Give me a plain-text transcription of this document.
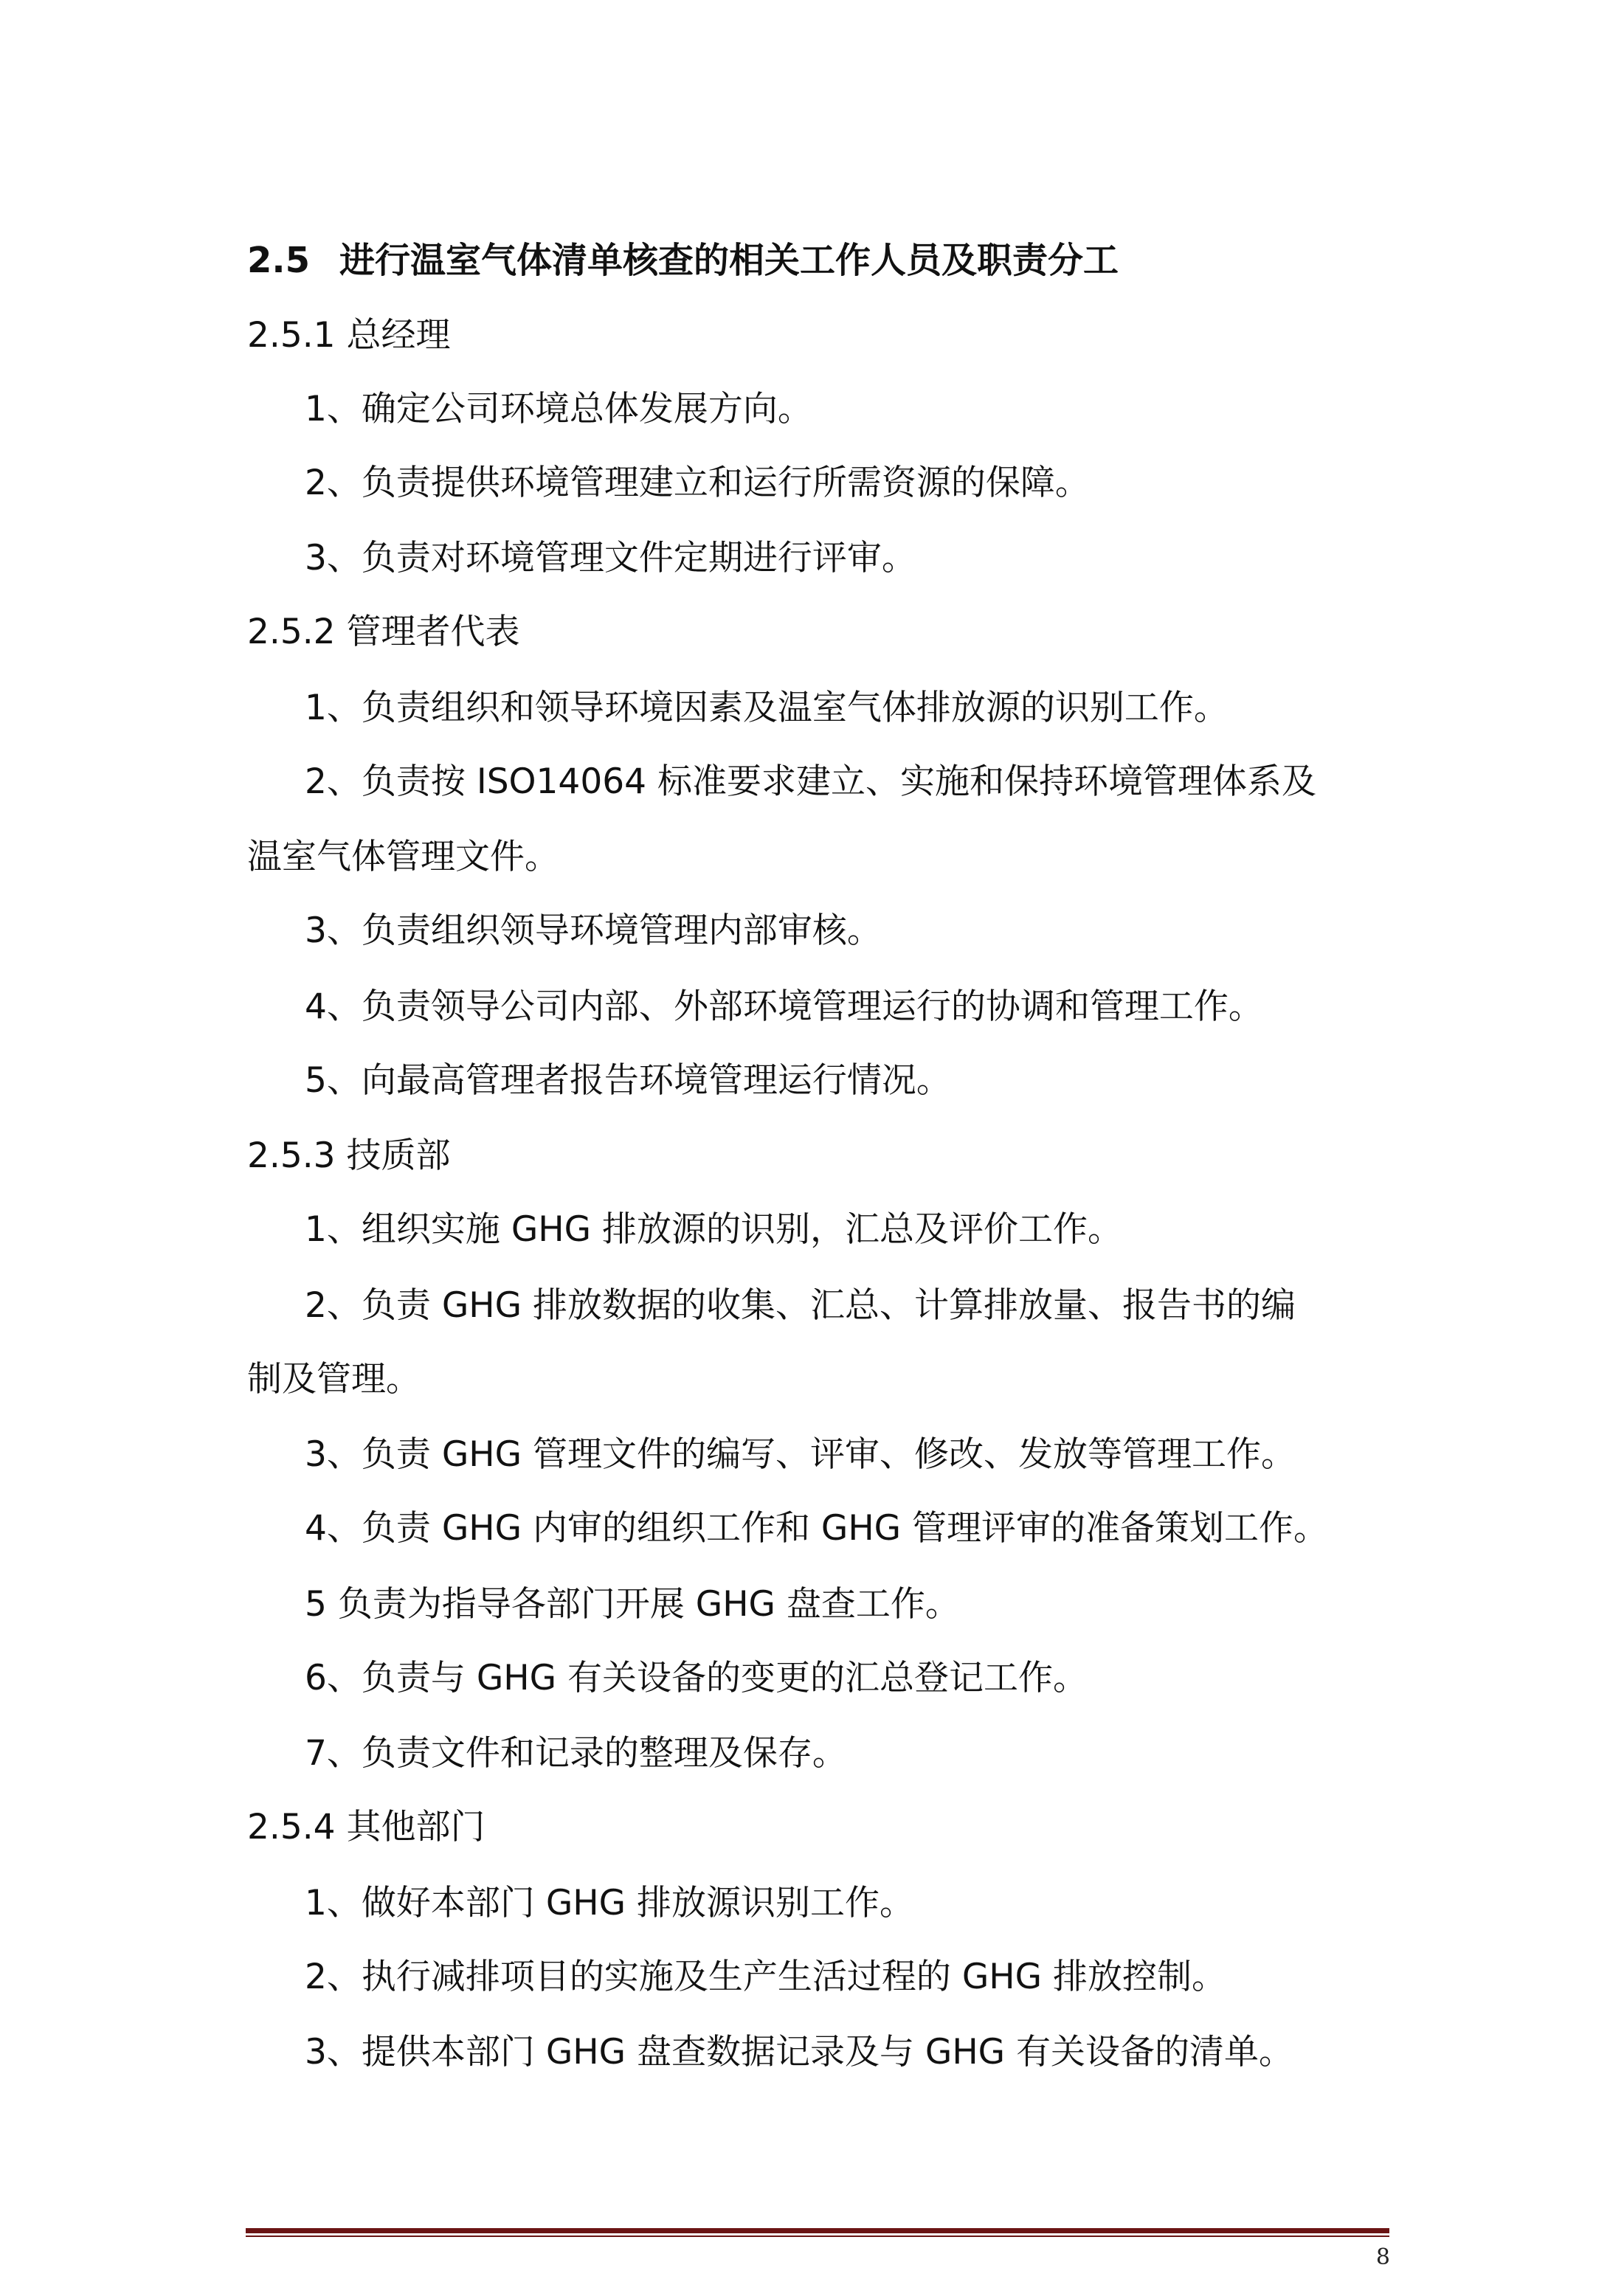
2.5 进行温室气体清单核查的相关工作人员及职责分工
2.5.1 总经理
1、确定公司环境总体发展方向。
2、负责提供环境管理建立和运行所需资源的保障。
3、负责对环境管理文件定期进行评审。
2.5.2 管理者代表
1、负责组织和领导环境因素及温室气体排放源的识别工作。
2、负责按 ISO14064 标准要求建立、实施和保持环境管理体系及
温室气体管理文件。
3、负责组织领导环境管理内部审核。
4、负责领导公司内部、外部环境管理运行的协调和管理工作。
5、向最高管理者报告环境管理运行情况。
2.5.3 技质部
1、组织实施 GHG 排放源的识别，汇总及评价工作。
2、负责 GHG 排放数据的收集、汇总、计算排放量、报告书的编
制及管理。
3、负责 GHG 管理文件的编写、评审、修改、发放等管理工作。
4、负责 GHG 内审的组织工作和 GHG 管理评审的准备策划工作。
5 负责为指导各部门开展 GHG 盘查工作。
6、负责与 GHG 有关设备的变更的汇总登记工作。
7、负责文件和记录的整理及保存。
2.5.4 其他部门
1、做好本部门 GHG 排放源识别工作。
2、执行减排项目的实施及生产生活过程的 GHG 排放控制。
3、提供本部门 GHG 盘查数据记录及与 GHG 有关设备的清单。
8
